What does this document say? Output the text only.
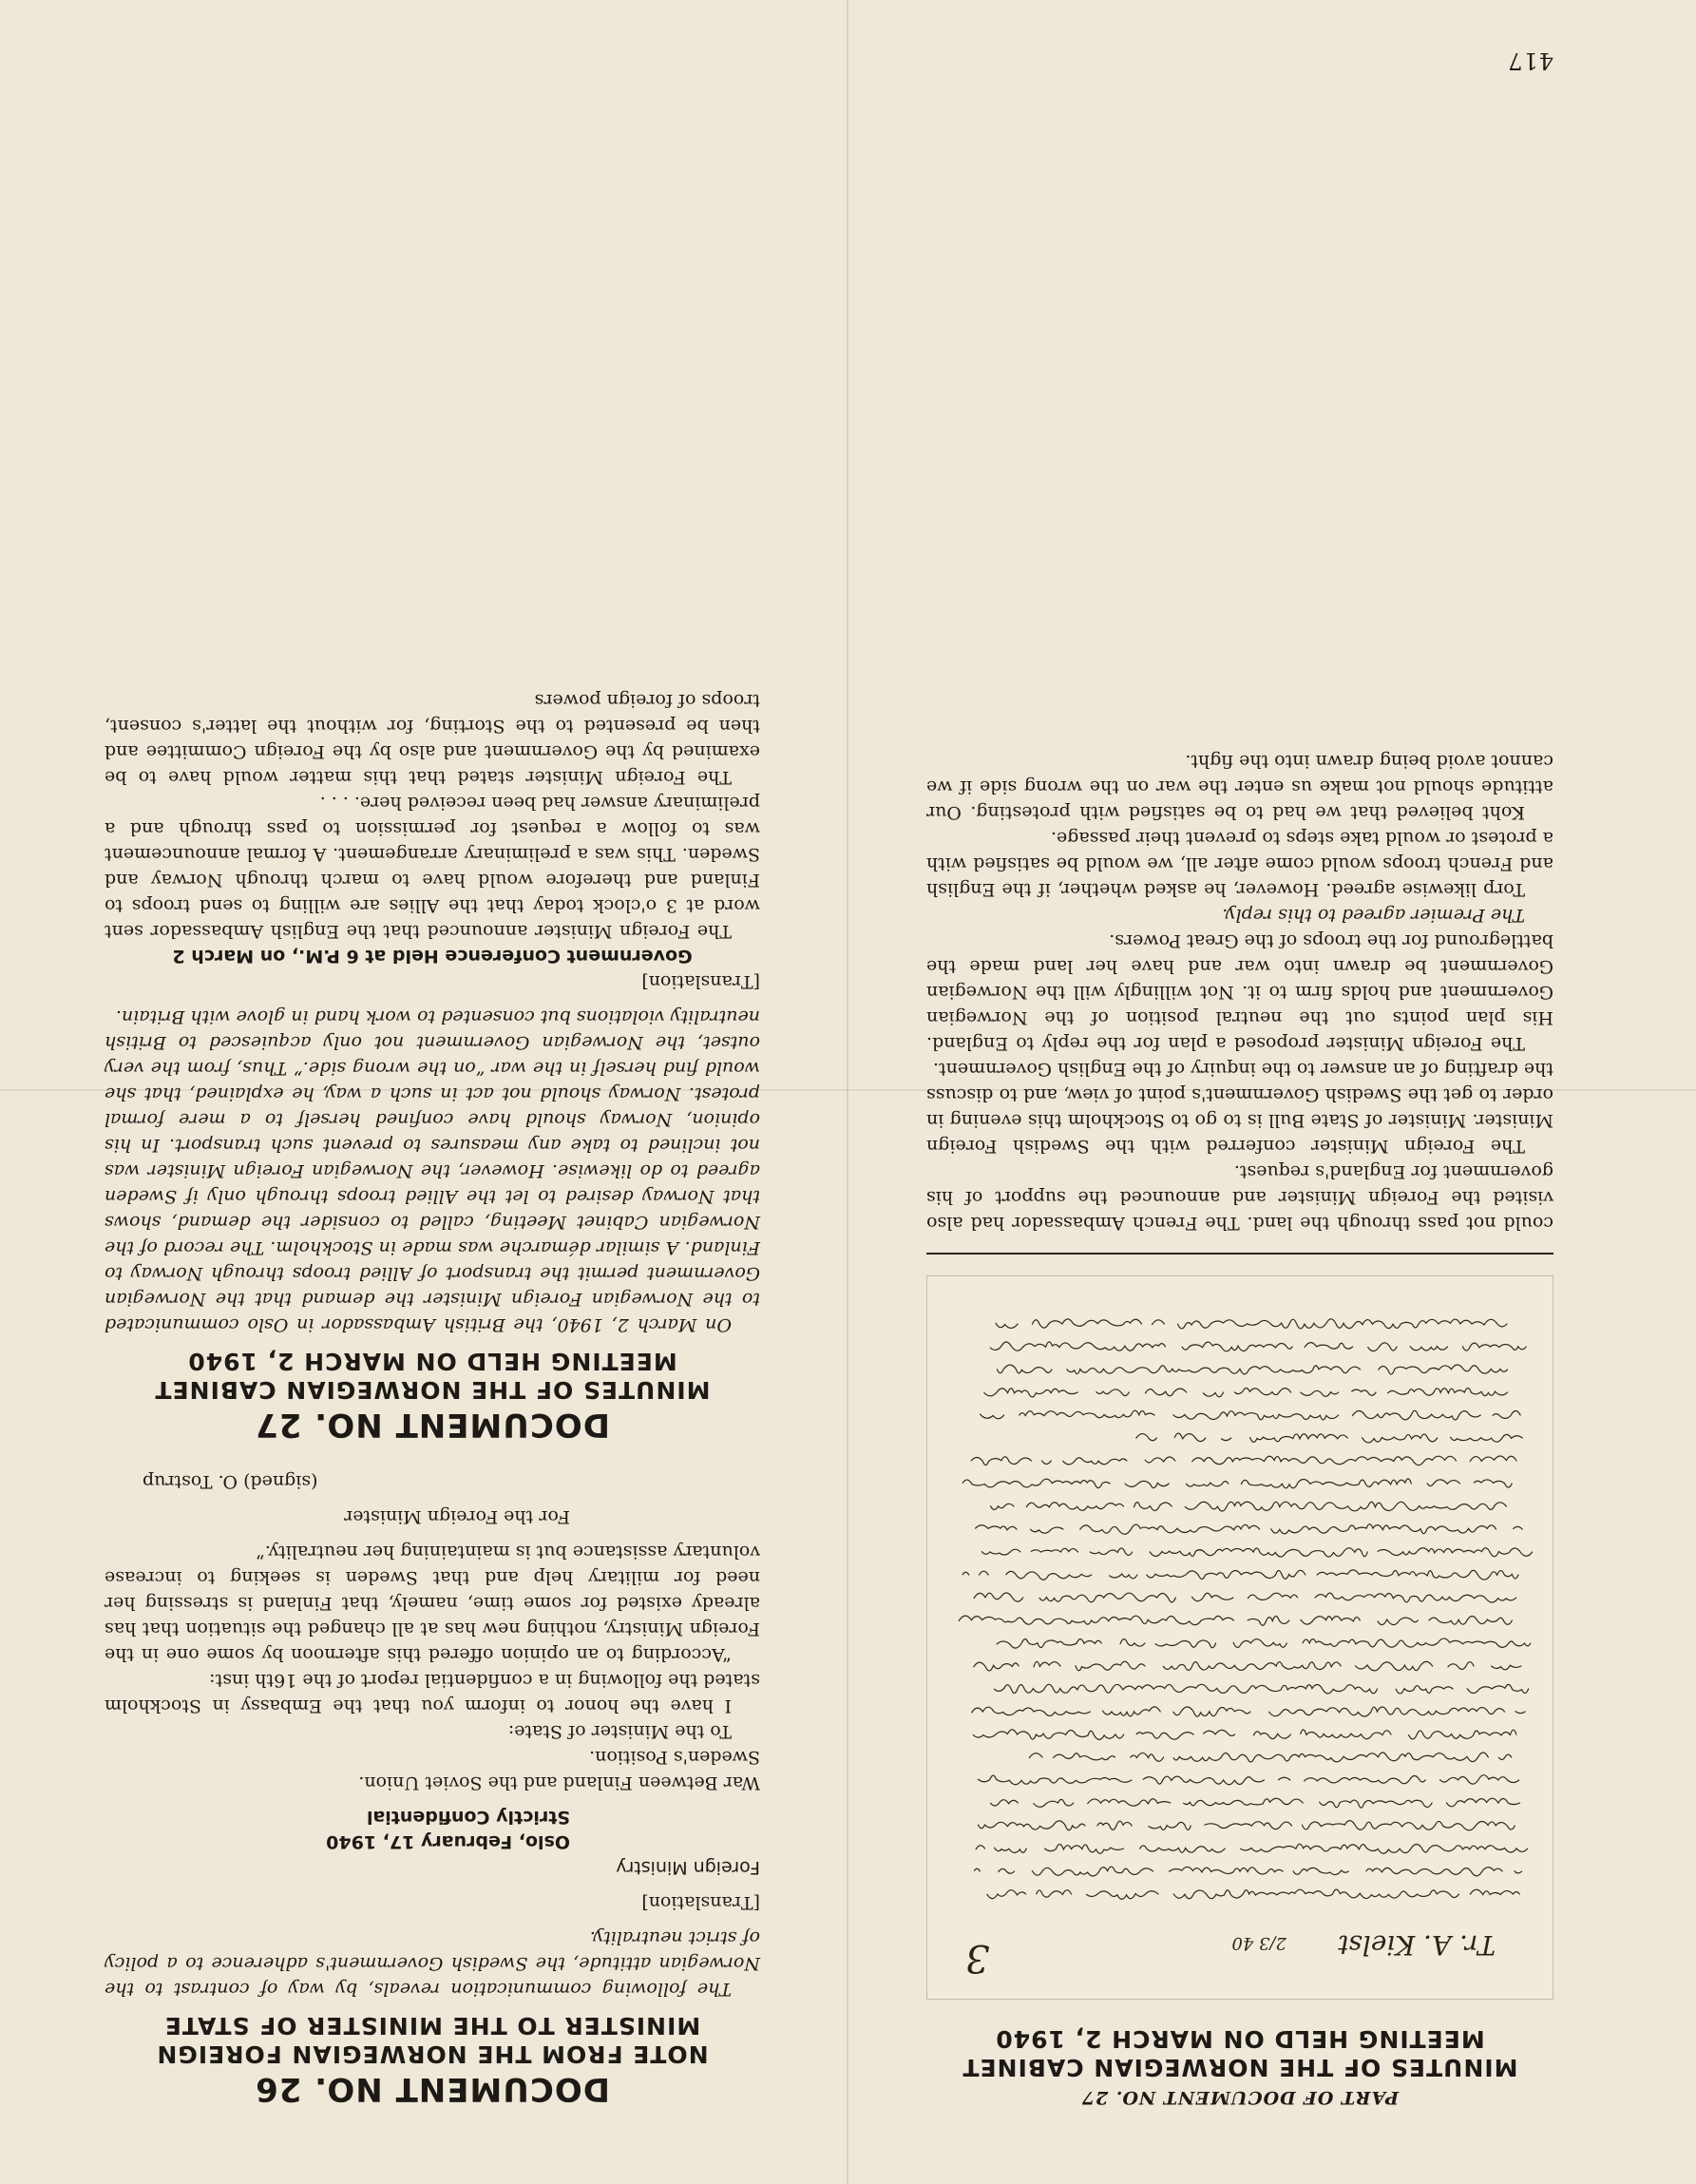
PART OF DOCUMENT NO. 27
MINUTES OF THE NORWEGIAN CABINET MEETING HELD ON MARCH 2, 1940
Tr. A. Kielst
2/3 40
3

could not pass through the land. The French Ambassador had also visited the Foreign Minister and announced the support of his government for England's request.

The Foreign Minister conferred with the Swedish Foreign Minister. Minister of State Bull is to go to Stockholm this evening in order to get the Swedish Government's point of view, and to discuss the drafting of an answer to the inquiry of the English Government.

The Foreign Minister proposed a plan for the reply to England. His plan points out the neutral position of the Norwegian Government and holds firm to it. Not willingly will the Norwegian Government be drawn into war and have her land made the battleground for the troops of the Great Powers.

The Premier agreed to this reply.

Torp likewise agreed. However, he asked whether, if the English and French troops would come after all, we would be satisfied with a protest or would take steps to prevent their passage.

Koht believed that we had to be satisfied with protesting. Our attitude should not make us enter the war on the wrong side if we cannot avoid being drawn into the fight.

DOCUMENT NO. 26
NOTE FROM THE NORWEGIAN FOREIGN MINISTER TO THE MINISTER OF STATE

The following communication reveals, by way of contrast to the Norwegian attitude, the Swedish Government's adherence to a policy of strict neutrality.

[Translation]

Foreign Ministry

Oslo, February 17, 1940

Strictly Confidential

War Between Finland and the Soviet Union.

Sweden's Position.

To the Minister of State:

I have the honor to inform you that the Embassy in Stockholm stated the following in a confidential report of the 16th inst:

“According to an opinion offered this afternoon by some one in the Foreign Ministry, nothing new has at all changed the situation that has already existed for some time, namely, that Finland is stressing her need for military help and that Sweden is seeking to increase voluntary assistance but is maintaining her neutrality.”

For the Foreign Minister

(signed) O. Tostrup

DOCUMENT NO. 27
MINUTES OF THE NORWEGIAN CABINET MEETING HELD ON MARCH 2, 1940

On March 2, 1940, the British Ambassador in Oslo communicated to the Norwegian Foreign Minister the demand that the Norwegian Government permit the transport of Allied troops through Norway to Finland. A similar démarche was made in Stockholm. The record of the Norwegian Cabinet Meeting, called to consider the demand, shows that Norway desired to let the Allied troops through only if Sweden agreed to do likewise. However, the Norwegian Foreign Minister was not inclined to take any measures to prevent such transport. In his opinion, Norway should have confined herself to a mere formal protest. Norway should not act in such a way, he explained, that she would find herself in the war “on the wrong side.” Thus, from the very outset, the Norwegian Government not only acquiesced to British neutrality violations but consented to work hand in glove with Britain.

[Translation]

Government Conference Held at 6 P.M., on March 2

The Foreign Minister announced that the English Ambassador sent word at 3 o'clock today that the Allies are willing to send troops to Finland and therefore would have to march through Norway and Sweden. This was a preliminary arrangement. A formal announcement was to follow a request for permission to pass through and a preliminary answer had been received here. . . .

The Foreign Minister stated that this matter would have to be examined by the Government and also by the Foreign Committee and then be presented to the Storting, for without the latter's consent, troops of foreign powers

417
